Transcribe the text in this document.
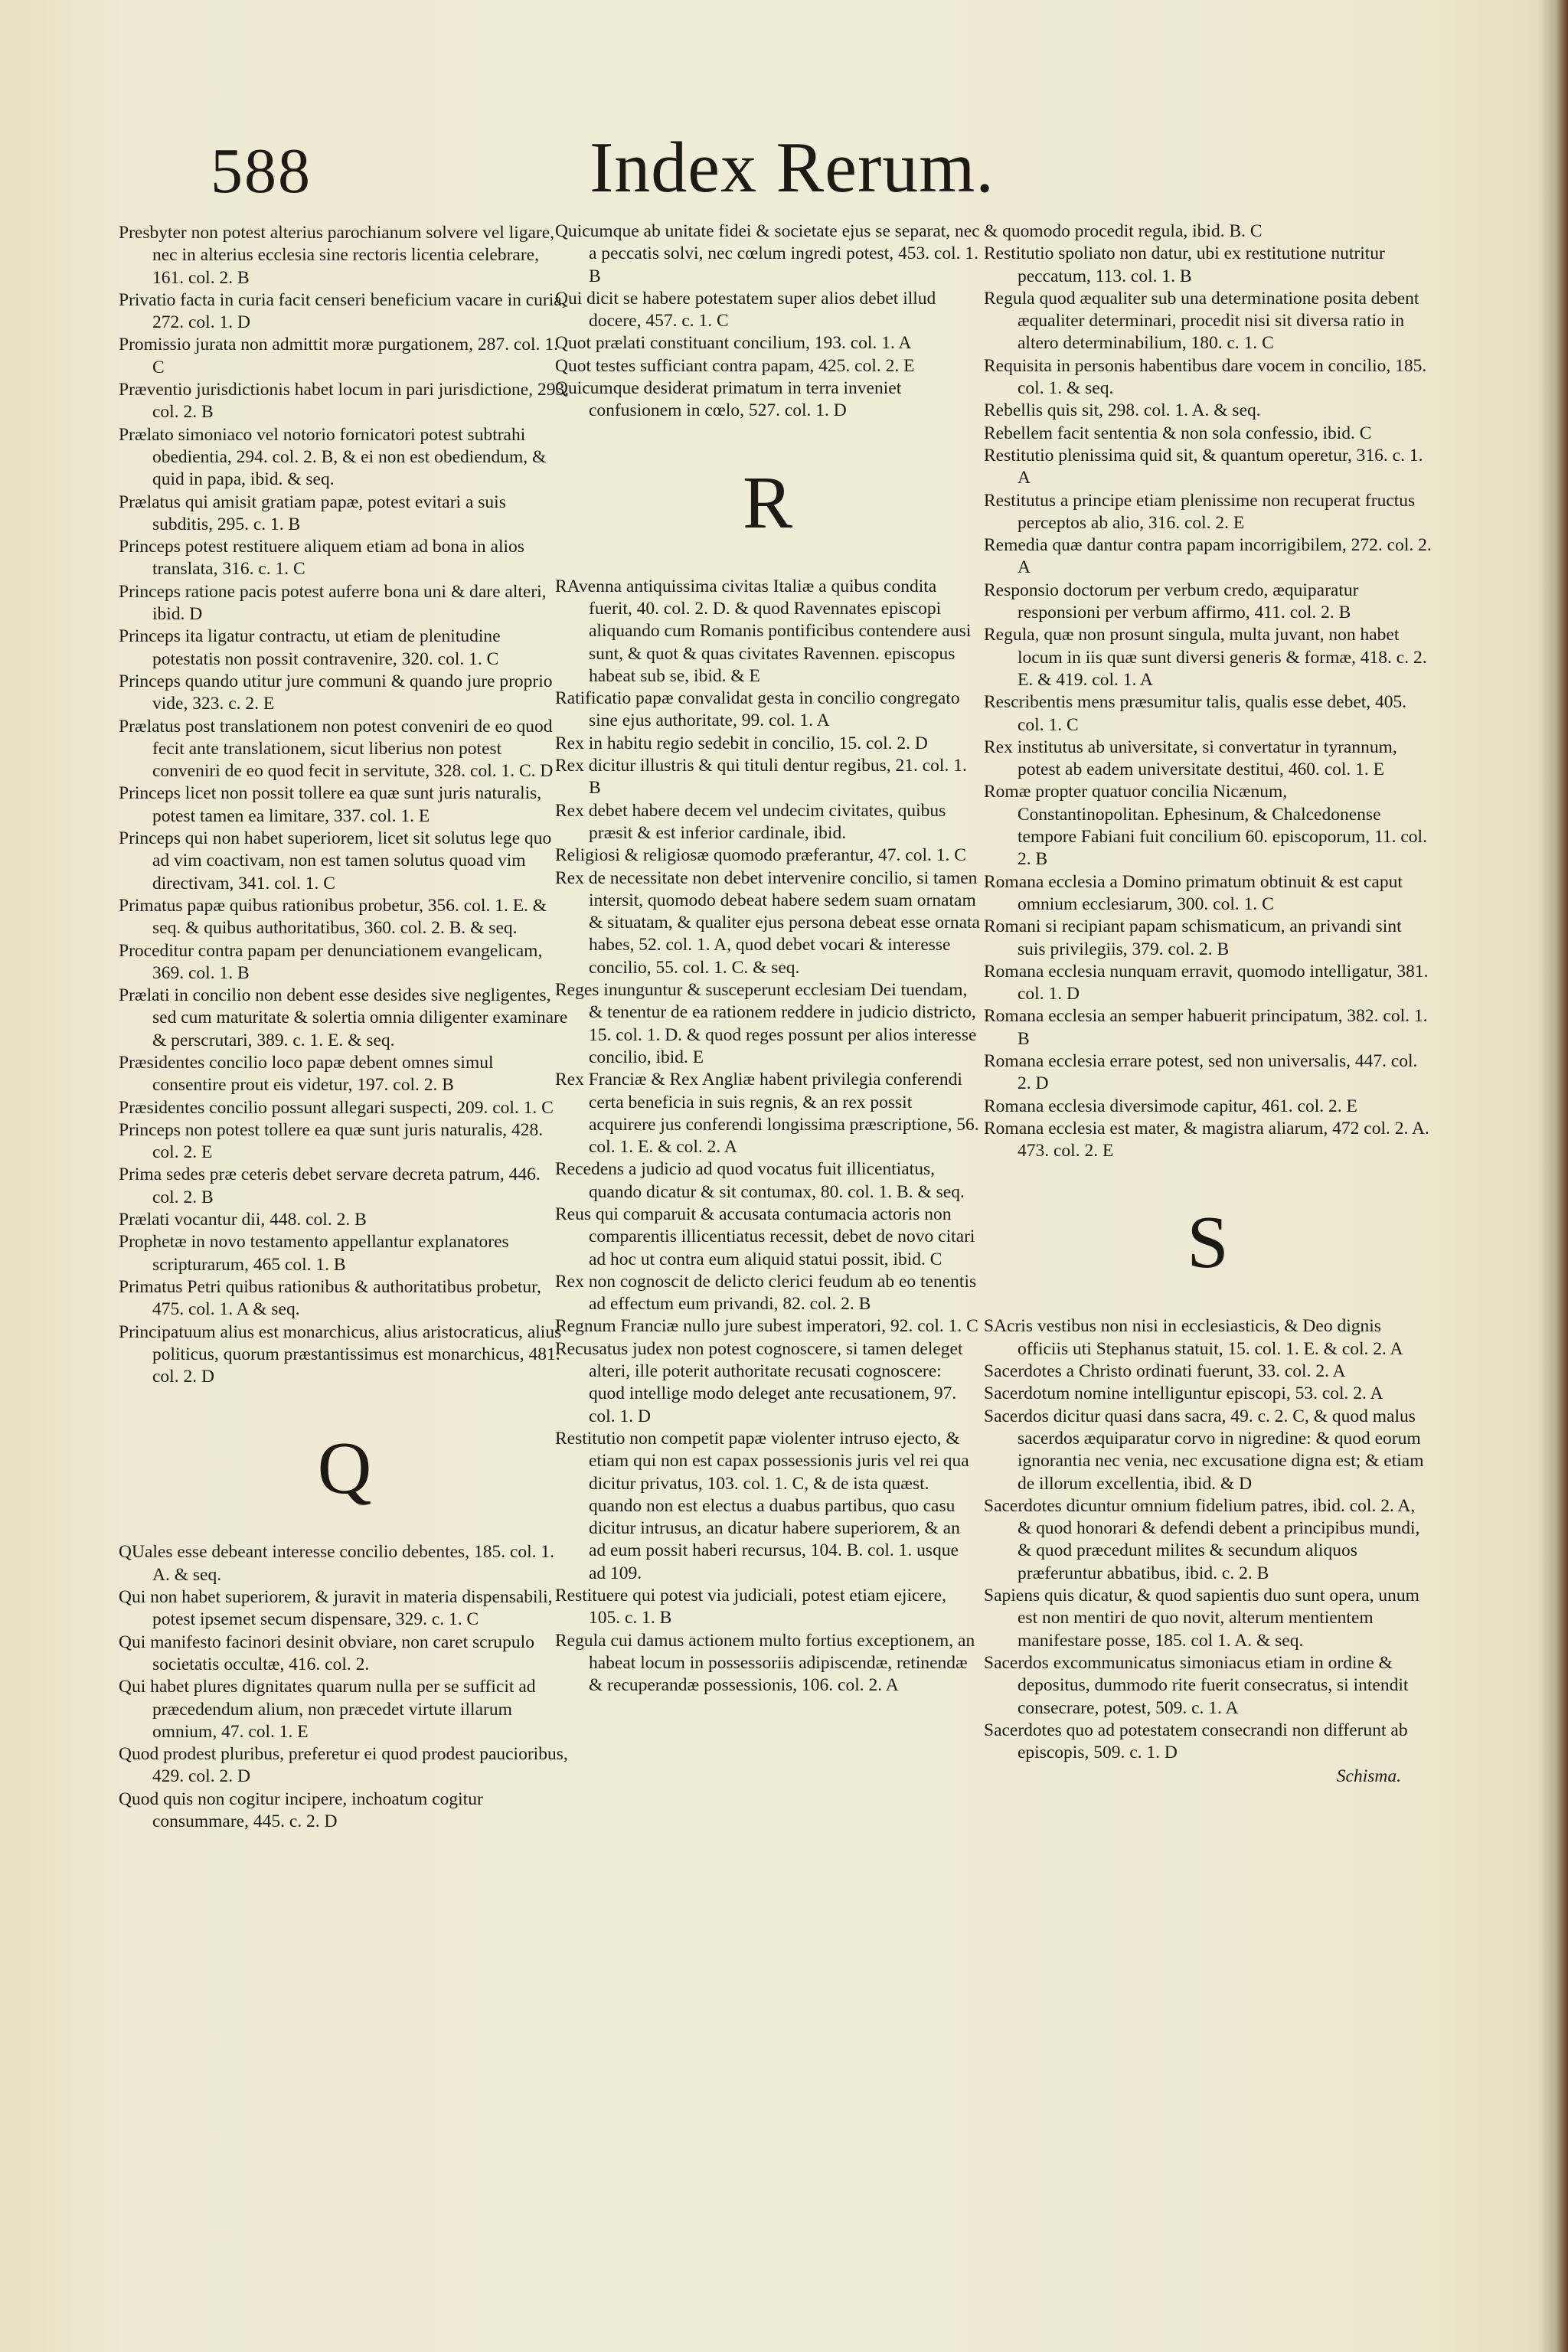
588	Index Rerum.

Presbyter non potest alterius parochianum solvere vel ligare, nec in alterius ecclesia sine rectoris licentia celebrare, 161. col. 2. B

Privatio facta in curia facit censeri beneficium vacare in curia, 272. col. 1. D

Promissio jurata non admittit moræ purgationem, 287. col. 1. C

Præventio jurisdictionis habet locum in pari jurisdictione, 293. col. 2. B

Prælato simoniaco vel notorio fornicatori potest subtrahi obedientia, 294. col. 2. B, & ei non est obediendum, & quid in papa, ibid. & seq.

Prælatus qui amisit gratiam papæ, potest evitari a suis subditis, 295. c. 1. B

Princeps potest restituere aliquem etiam ad bona in alios translata, 316. c. 1. C

Princeps ratione pacis potest auferre bona uni & dare alteri, ibid. D

Princeps ita ligatur contractu, ut etiam de plenitudine potestatis non possit contravenire, 320. col. 1. C

Princeps quando utitur jure communi & quando jure proprio vide, 323. c. 2. E

Prælatus post translationem non potest conveniri de eo quod fecit ante translationem, sicut liberius non potest conveniri de eo quod fecit in servitute, 328. col. 1. C. D

Princeps licet non possit tollere ea quæ sunt juris naturalis, potest tamen ea limitare, 337. col. 1. E

Princeps qui non habet superiorem, licet sit solutus lege quo ad vim coactivam, non est tamen solutus quoad vim directivam, 341. col. 1. C

Primatus papæ quibus rationibus probetur, 356. col. 1. E. & seq. & quibus authoritatibus, 360. col. 2. B. & seq.

Proceditur contra papam per denunciationem evangelicam, 369. col. 1. B

Prælati in concilio non debent esse desides sive negligentes, sed cum maturitate & solertia omnia diligenter examinare & perscrutari, 389. c. 1. E. & seq.

Præsidentes concilio loco papæ debent omnes simul consentire prout eis videtur, 197. col. 2. B

Præsidentes concilio possunt allegari suspecti, 209. col. 1. C

Princeps non potest tollere ea quæ sunt juris naturalis, 428. col. 2. E

Prima sedes præ ceteris debet servare decreta patrum, 446. col. 2. B

Prælati vocantur dii, 448. col. 2. B

Prophetæ in novo testamento appellantur explanatores scripturarum, 465 col. 1. B

Primatus Petri quibus rationibus & authoritatibus probetur, 475. col. 1. A & seq.

Principatuum alius est monarchicus, alius aristocraticus, alius politicus, quorum præstantissimus est monarchicus, 481. col. 2. D

Q

QUales esse debeant interesse concilio debentes, 185. col. 1. A. & seq.

Qui non habet superiorem, & juravit in materia dispensabili, potest ipsemet secum dispensare, 329. c. 1. C

Qui manifesto facinori desinit obviare, non caret scrupulo societatis occultæ, 416. col. 2.

Qui habet plures dignitates quarum nulla per se sufficit ad præcedendum alium, non præcedet virtute illarum omnium, 47. col. 1. E

Quod prodest pluribus, preferetur ei quod prodest paucioribus, 429. col. 2. D

Quod quis non cogitur incipere, inchoatum cogitur consummare, 445. c. 2. D

Quicumque ab unitate fidei & societate ejus se separat, nec a peccatis solvi, nec cœlum ingredi potest, 453. col. 1. B

Qui dicit se habere potestatem super alios debet illud docere, 457. c. 1. C

Quot prælati constituant concilium, 193. col. 1. A

Quot testes sufficiant contra papam, 425. col. 2. E

Quicumque desiderat primatum in terra inveniet confusionem in cœlo, 527. col. 1. D

R

RAvenna antiquissima civitas Italiæ a quibus condita fuerit, 40. col. 2. D. & quod Ravennates episcopi aliquando cum Romanis pontificibus contendere ausi sunt, & quot & quas civitates Ravennen. episcopus habeat sub se, ibid. & E

Ratificatio papæ convalidat gesta in concilio congregato sine ejus authoritate, 99. col. 1. A

Rex in habitu regio sedebit in concilio, 15. col. 2. D

Rex dicitur illustris & qui tituli dentur regibus, 21. col. 1. B

Rex debet habere decem vel undecim civitates, quibus præsit & est inferior cardinale, ibid.

Religiosi & religiosæ quomodo præferantur, 47. col. 1. C

Rex de necessitate non debet intervenire concilio, si tamen intersit, quomodo debeat habere sedem suam ornatam & situatam, & qualiter ejus persona debeat esse ornata habes, 52. col. 1. A, quod debet vocari & interesse concilio, 55. col. 1. C. & seq.

Reges inunguntur & susceperunt ecclesiam Dei tuendam, & tenentur de ea rationem reddere in judicio districto, 15. col. 1. D. & quod reges possunt per alios interesse concilio, ibid. E

Rex Franciæ & Rex Angliæ habent privilegia conferendi certa beneficia in suis regnis, & an rex possit acquirere jus conferendi longissima præscriptione, 56. col. 1. E. & col. 2. A

Recedens a judicio ad quod vocatus fuit illicentiatus, quando dicatur & sit contumax, 80. col. 1. B. & seq.

Reus qui comparuit & accusata contumacia actoris non comparentis illicentiatus recessit, debet de novo citari ad hoc ut contra eum aliquid statui possit, ibid. C

Rex non cognoscit de delicto clerici feudum ab eo tenentis ad effectum eum privandi, 82. col. 2. B

Regnum Franciæ nullo jure subest imperatori, 92. col. 1. C

Recusatus judex non potest cognoscere, si tamen deleget alteri, ille poterit authoritate recusati cognoscere: quod intellige modo deleget ante recusationem, 97. col. 1. D

Restitutio non competit papæ violenter intruso ejecto, & etiam qui non est capax possessionis juris vel rei qua dicitur privatus, 103. col. 1. C, & de ista quæst. quando non est electus a duabus partibus, quo casu dicitur intrusus, an dicatur habere superiorem, & an ad eum possit haberi recursus, 104. B. col. 1. usque ad 109.

Restituere qui potest via judiciali, potest etiam ejicere, 105. c. 1. B

Regula cui damus actionem multo fortius exceptionem, an habeat locum in possessoriis adipiscendæ, retinendæ & recuperandæ possessionis, 106. col. 2. A

& quomodo procedit regula, ibid. B. C

Restitutio spoliato non datur, ubi ex restitutione nutritur peccatum, 113. col. 1. B

Regula quod æqualiter sub una determinatione posita debent æqualiter determinari, procedit nisi sit diversa ratio in altero determinabilium, 180. c. 1. C

Requisita in personis habentibus dare vocem in concilio, 185. col. 1. & seq.

Rebellis quis sit, 298. col. 1. A. & seq.

Rebellem facit sententia & non sola confessio, ibid. C

Restitutio plenissima quid sit, & quantum operetur, 316. c. 1. A

Restitutus a principe etiam plenissime non recuperat fructus perceptos ab alio, 316. col. 2. E

Remedia quæ dantur contra papam incorrigibilem, 272. col. 2. A

Responsio doctorum per verbum credo, æquiparatur responsioni per verbum affirmo, 411. col. 2. B

Regula, quæ non prosunt singula, multa juvant, non habet locum in iis quæ sunt diversi generis & formæ, 418. c. 2. E. & 419. col. 1. A

Rescribentis mens præsumitur talis, qualis esse debet, 405. col. 1. C

Rex institutus ab universitate, si convertatur in tyrannum, potest ab eadem universitate destitui, 460. col. 1. E

Romæ propter quatuor concilia Nicænum, Constantinopolitan. Ephesinum, & Chalcedonense tempore Fabiani fuit concilium 60. episcoporum, 11. col. 2. B

Romana ecclesia a Domino primatum obtinuit & est caput omnium ecclesiarum, 300. col. 1. C

Romani si recipiant papam schismaticum, an privandi sint suis privilegiis, 379. col. 2. B

Romana ecclesia nunquam erravit, quomodo intelligatur, 381. col. 1. D

Romana ecclesia an semper habuerit principatum, 382. col. 1. B

Romana ecclesia errare potest, sed non universalis, 447. col. 2. D

Romana ecclesia diversimode capitur, 461. col. 2. E

Romana ecclesia est mater, & magistra aliarum, 472 col. 2. A. 473. col. 2. E

S

SAcris vestibus non nisi in ecclesiasticis, & Deo dignis officiis uti Stephanus statuit, 15. col. 1. E. & col. 2. A

Sacerdotes a Christo ordinati fuerunt, 33. col. 2. A

Sacerdotum nomine intelliguntur episcopi, 53. col. 2. A

Sacerdos dicitur quasi dans sacra, 49. c. 2. C, & quod malus sacerdos æquiparatur corvo in nigredine: & quod eorum ignorantia nec venia, nec excusatione digna est; & etiam de illorum excellentia, ibid. & D

Sacerdotes dicuntur omnium fidelium patres, ibid. col. 2. A, & quod honorari & defendi debent a principibus mundi, & quod præcedunt milites & secundum aliquos præferuntur abbatibus, ibid. c. 2. B

Sapiens quis dicatur, & quod sapientis duo sunt opera, unum est non mentiri de quo novit, alterum mentientem manifestare posse, 185. col 1. A. & seq.

Sacerdos excommunicatus simoniacus etiam in ordine & depositus, dummodo rite fuerit consecratus, si intendit consecrare, potest, 509. c. 1. A

Sacerdotes quo ad potestatem consecrandi non differunt ab episcopis, 509. c. 1. D

Schisma.
